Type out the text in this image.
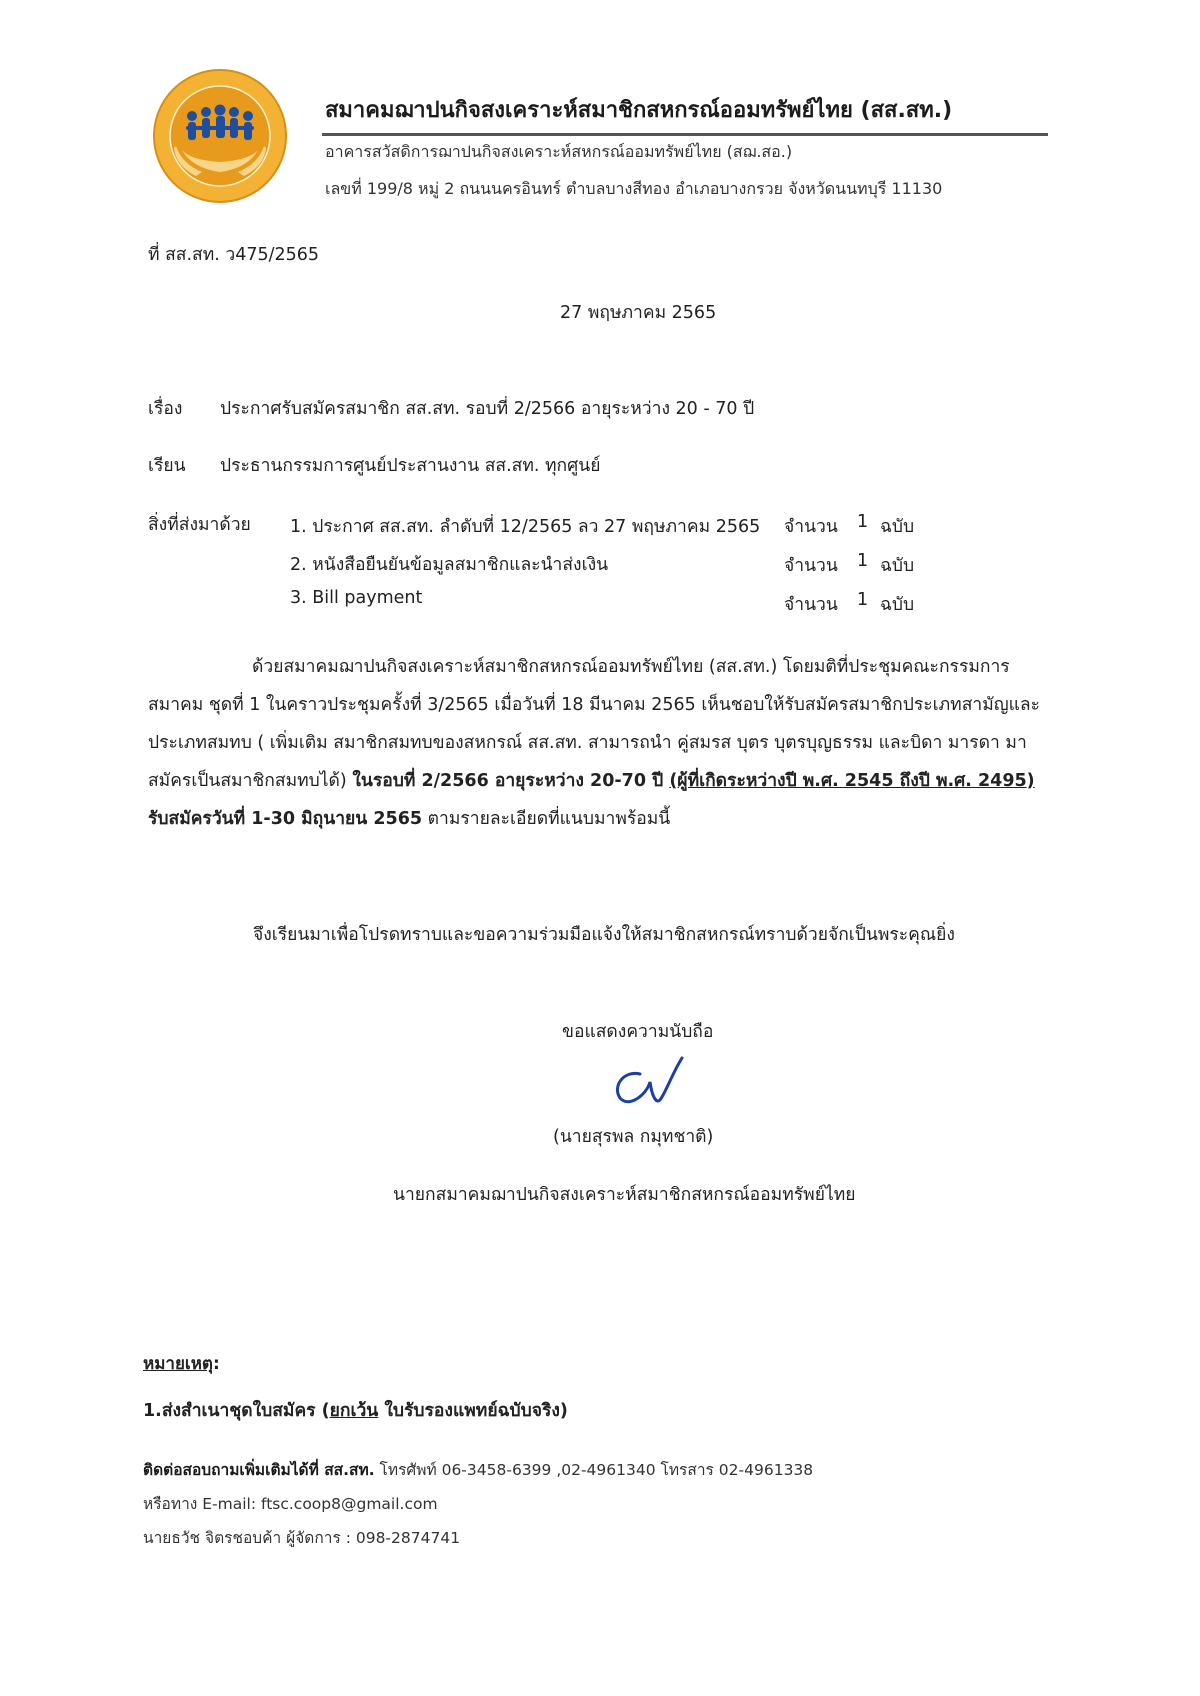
สมาคมฌาปนกิจสงเคราะห์สมาชิกสหกรณ์ออมทรัพย์ไทย (สส.สท.)
อาคารสวัสดิการฌาปนกิจสงเคราะห์สหกรณ์ออมทรัพย์ไทย (สฌ.สอ.)
เลขที่ 199/8 หมู่ 2 ถนนนครอินทร์ ตำบลบางสีทอง อำเภอบางกรวย จังหวัดนนทบุรี 11130
ที่ สส.สท. ว475/2565
27 พฤษภาคม 2565
เรื่อง ประกาศรับสมัครสมาชิก สส.สท. รอบที่ 2/2566 อายุระหว่าง 20 - 70 ปี
เรียน ประธานกรรมการศูนย์ประสานงาน สส.สท. ทุกศูนย์
สิ่งที่ส่งมาด้วย 1. ประกาศ สส.สท. ลำดับที่ 12/2565 ลว 27 พฤษภาคม 2565 จำนวน 1 ฉบับ
2. หนังสือยืนยันข้อมูลสมาชิกและนำส่งเงิน	จำนวน 1 ฉบับ
3. Bill payment	จำนวน 1 ฉบับ

ด้วยสมาคมฌาปนกิจสงเคราะห์สมาชิกสหกรณ์ออมทรัพย์ไทย (สส.สท.) โดยมติที่ประชุมคณะกรรมการ

สมาคม ชุดที่ 1 ในคราวประชุมครั้งที่ 3/2565 เมื่อวันที่ 18 มีนาคม 2565 เห็นชอบให้รับสมัครสมาชิกประเภทสามัญและ

ประเภทสมทบ ( เพิ่มเติม สมาชิกสมทบของสหกรณ์ สส.สท. สามารถนำ คู่สมรส บุตร บุตรบุญธรรม และบิดา มารดา มา

สมัครเป็นสมาชิกสมทบได้) ในรอบที่ 2/2566 อายุระหว่าง 20-70 ปี (ผู้ที่เกิดระหว่างปี พ.ศ. 2545 ถึงปี พ.ศ. 2495)

รับสมัครวันที่ 1-30 มิถุนายน 2565 ตามรายละเอียดที่แนบมาพร้อมนี้

จึงเรียนมาเพื่อโปรดทราบและขอความร่วมมือแจ้งให้สมาชิกสหกรณ์ทราบด้วยจักเป็นพระคุณยิ่ง
ขอแสดงความนับถือ
(นายสุรพล กมุทชาติ)
นายกสมาคมฌาปนกิจสงเคราะห์สมาชิกสหกรณ์ออมทรัพย์ไทย
หมายเหตุ:
1.ส่งสำเนาชุดใบสมัคร (ยกเว้น ใบรับรองแพทย์ฉบับจริง)
ติดต่อสอบถามเพิ่มเติมได้ที่ สส.สท. โทรศัพท์ 06-3458-6399 ,02-4961340 โทรสาร 02-4961338
หรือทาง E-mail: ftsc.coop8@gmail.com
นายธวัช จิตรชอบค้า ผู้จัดการ : 098-2874741
